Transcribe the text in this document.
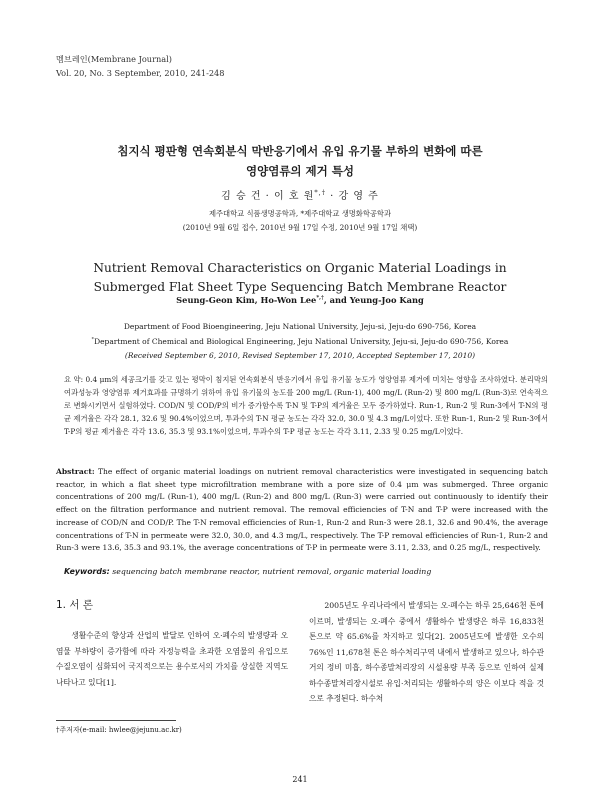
멤브레인(Membrane Journal)
Vol. 20, No. 3 September, 2010, 241-248
침지식 평판형 연속회분식 막반응기에서 유입 유기물 부하의 변화에 따른
영양염류의 제거 특성
김 승 건 · 이 호 원*,† · 강 영 주
제주대학교 식품생명공학과, *제주대학교 생명화학공학과
(2010년 9월 6일 접수, 2010년 9월 17일 수정, 2010년 9월 17일 채택)
Nutrient Removal Characteristics on Organic Material Loadings in
Submerged Flat Sheet Type Sequencing Batch Membrane Reactor
Seung-Geon Kim, Ho-Won Lee*,†, and Yeung-Joo Kang
Department of Food Bioengineering, Jeju National University, Jeju-si, Jeju-do 690-756, Korea
*Department of Chemical and Biological Engineering, Jeju National University, Jeju-si, Jeju-do 690-756, Korea
(Received September 6, 2010, Revised September 17, 2010, Accepted September 17, 2010)
요 약: 0.4 μm의 세공크기를 갖고 있는 평막이 침지된 연속회분식 반응기에서 유입 유기물 농도가 영양염류 제거에 미치는 영향을 조사하였다. 분리막의 여과성능과 영양염류 제거효과를 규명하기 위하여 유입 유기물의 농도를 200 mg/L (Run-1), 400 mg/L (Run-2) 및 800 mg/L (Run-3)로 연속적으로 변화시키면서 실험하였다. COD/N 및 COD/P의 비가 증가함수록 T-N 및 T-P의 제거율은 모두 증가하였다. Run-1, Run-2 및 Run-3에서 T-N의 평균 제거율은 각각 28.1, 32.6 및 90.4%이었으며, 투과수의 T-N 평균 농도는 각각 32.0, 30.0 및 4.3 mg/L이었다. 또한 Run-1, Run-2 및 Run-3에서 T-P의 평균 제거율은 각각 13.6, 35.3 및 93.1%이었으며, 투과수의 T-P 평균 농도는 각각 3.11, 2.33 및 0.25 mg/L이었다.
Abstract: The effect of organic material loadings on nutrient removal characteristics were investigated in sequencing batch reactor, in which a flat sheet type microfiltration membrane with a pore size of 0.4 μm was submerged. Three organic concentrations of 200 mg/L (Run-1), 400 mg/L (Run-2) and 800 mg/L (Run-3) were carried out continuously to identify their effect on the filtration performance and nutrient removal. The removal efficiencies of T-N and T-P were increased with the increase of COD/N and COD/P. The T-N removal efficiencies of Run-1, Run-2 and Run-3 were 28.1, 32.6 and 90.4%, the average concentrations of T-N in permeate were 32.0, 30.0, and 4.3 mg/L, respectively. The T-P removal efficiencies of Run-1, Run-2 and Run-3 were 13.6, 35.3 and 93.1%, the average concentrations of T-P in permeate were 3.11, 2.33, and 0.25 mg/L, respectively.
Keywords: sequencing batch membrane reactor, nutrient removal, organic material loading
1. 서 론
생활수준의 향상과 산업의 발달로 인하여 오·폐수의 발생량과 오염물 부하량이 증가함에 따라 자정능력을 초과한 오염물의 유입으로 수질오염이 심화되어 국지적으로는 용수로서의 가치를 상실한 지역도 나타나고 있다[1].
2005년도 우리나라에서 발생되는 오·폐수는 하루 25,646천 톤에 이르며, 발생되는 오·폐수 중에서 생활하수 발생량은 하루 16,833천 톤으로 약 65.6%를 차지하고 있다[2]. 2005년도에 발생한 오수의 76%인 11,678천 톤은 하수처리구역 내에서 발생하고 있으나, 하수관거의 정비 미흡, 하수종말처리장의 시설용량 부족 등으로 인하여 실제 하수종말처리장시설로 유입·처리되는 생활하수의 양은 이보다 적을 것으로 추정된다. 하수처
†주저자(e-mail: hwlee@jejunu.ac.kr)
241
